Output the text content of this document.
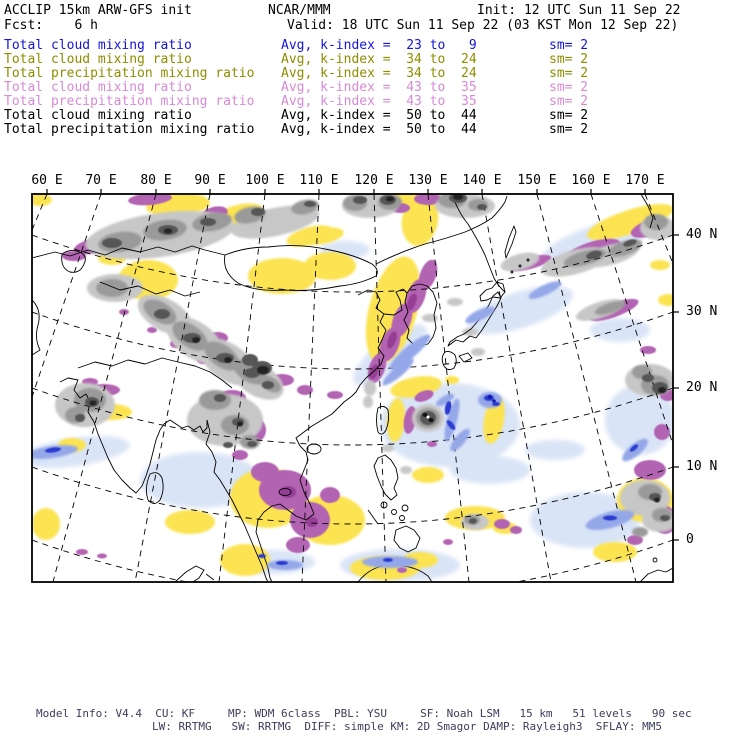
ACCLIP 15km ARW-GFS init	NCAR/MMM	Init: 12 UTC Sun 11 Sep 22
Fcst:    6 h	Valid: 18 UTC Sun 11 Sep 22 (03 KST Mon 12 Sep 22)
Total cloud mixing ratio	Avg, k-index =  23 to   9	sm= 2
Total cloud mixing ratio	Avg, k-index =  34 to  24	sm= 2
Total precipitation mixing ratio Avg, k-index =  34 to  24	sm= 2
Total cloud mixing ratio	Avg, k-index =  43 to  35	sm= 2
Total precipitation mixing ratio Avg, k-index =  43 to  35	sm= 2
Total cloud mixing ratio	Avg, k-index =  50 to  44	sm= 2
Total precipitation mixing ratio Avg, k-index =  50 to  44	sm= 2
60 E 70 E 80 E 90 E 100 E 110 E 120 E 130 E 140 E 150 E 160 E 170 E
40 N
30 N
20 N
10 N
0
Model Info: V4.4  CU: KF     MP: WDM 6class  PBL: YSU     SF: Noah LSM   15 km   51 levels   90 sec
LW: RRTMG   SW: RRTMG  DIFF: simple KM: 2D Smagor DAMP: Rayleigh3  SFLAY: MM5
